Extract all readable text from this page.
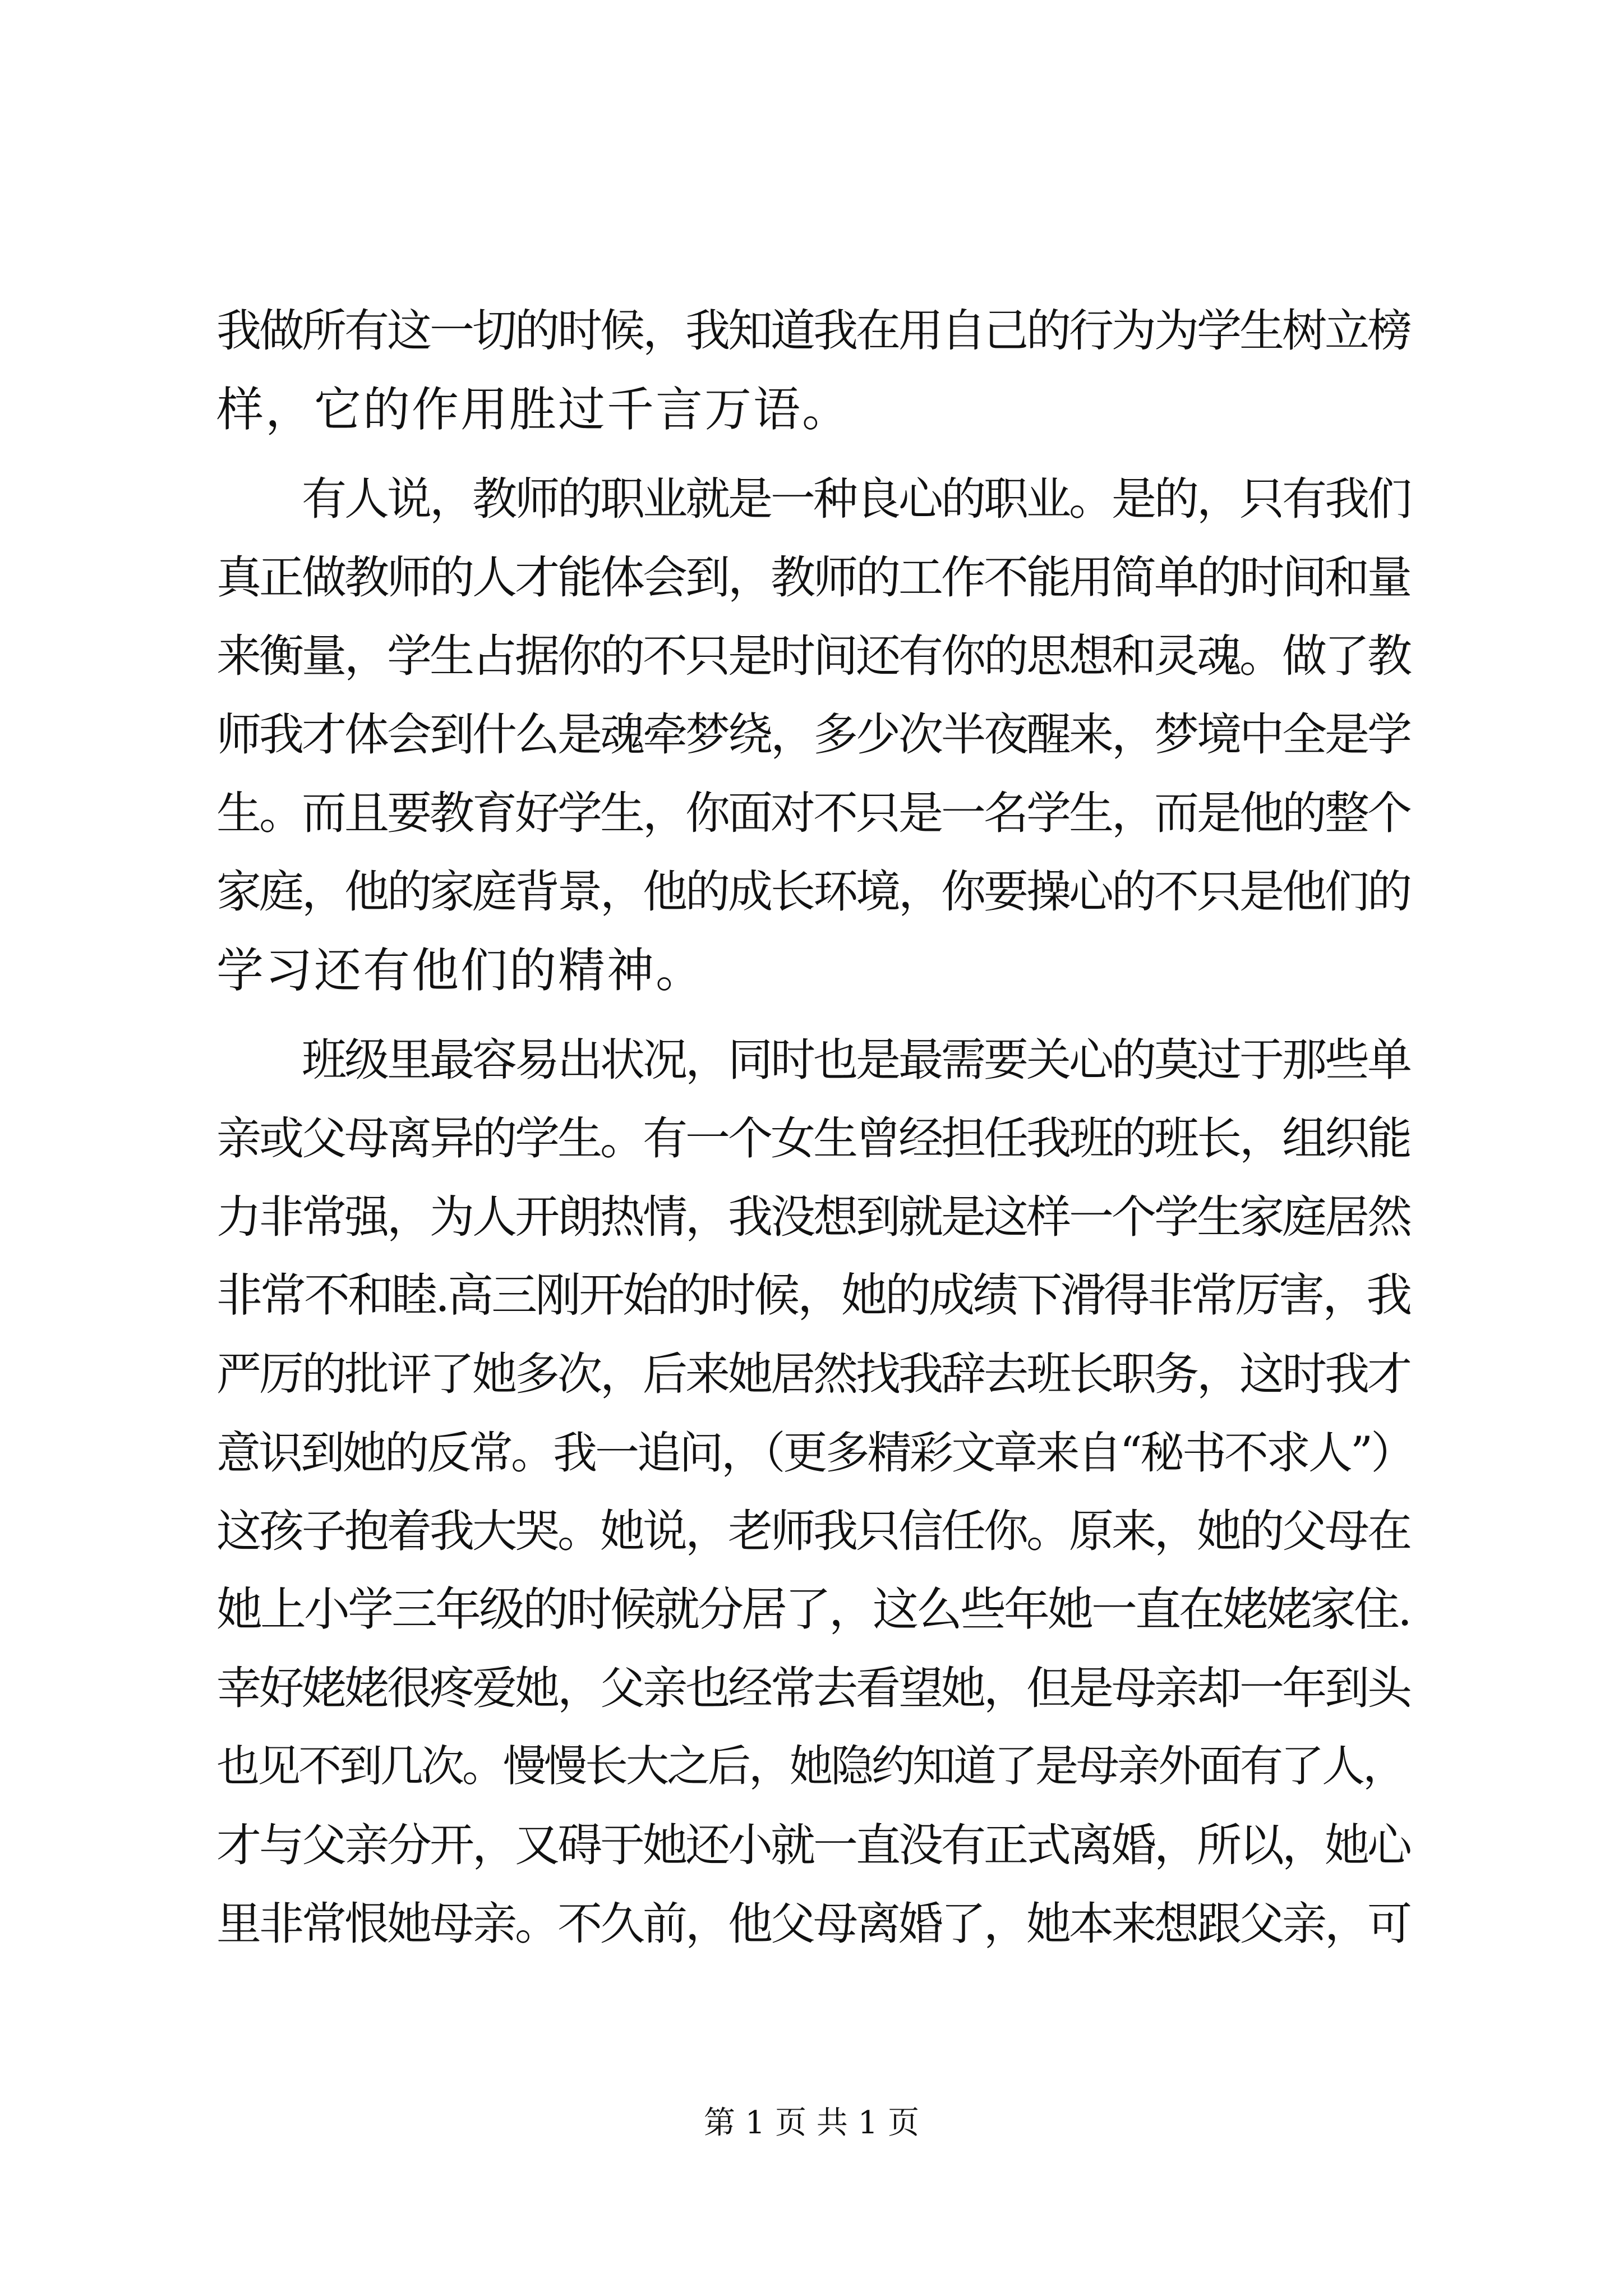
我做所有这一切的时候，我知道我在用自己的行为为学生树立榜
样，它的作用胜过千言万语。
　　有人说，教师的职业就是一种良心的职业。是的，只有我们
真正做教师的人才能体会到，教师的工作不能用简单的时间和量
来衡量，学生占据你的不只是时间还有你的思想和灵魂。做了教
师我才体会到什么是魂牵梦绕，多少次半夜醒来，梦境中全是学
生。而且要教育好学生，你面对不只是一名学生，而是他的整个
家庭，他的家庭背景，他的成长环境，你要操心的不只是他们的
学习还有他们的精神。
　　班级里最容易出状况，同时也是最需要关心的莫过于那些单
亲或父母离异的学生。有一个女生曾经担任我班的班长，组织能
力非常强，为人开朗热情，我没想到就是这样一个学生家庭居然
非常不和睦.高三刚开始的时候，她的成绩下滑得非常厉害，我
严厉的批评了她多次，后来她居然找我辞去班长职务，这时我才
意识到她的反常。我一追问，（更多精彩文章来自“秘书不求人”）
这孩子抱着我大哭。她说，老师我只信任你。原来，她的父母在
她上小学三年级的时候就分居了，这么些年她一直在姥姥家住.
幸好姥姥很疼爱她，父亲也经常去看望她，但是母亲却一年到头
也见不到几次。慢慢长大之后，她隐约知道了是母亲外面有了人，
才与父亲分开，又碍于她还小就一直没有正式离婚，所以，她心
里非常恨她母亲。不久前，他父母离婚了，她本来想跟父亲，可
第 1 页 共 1 页
